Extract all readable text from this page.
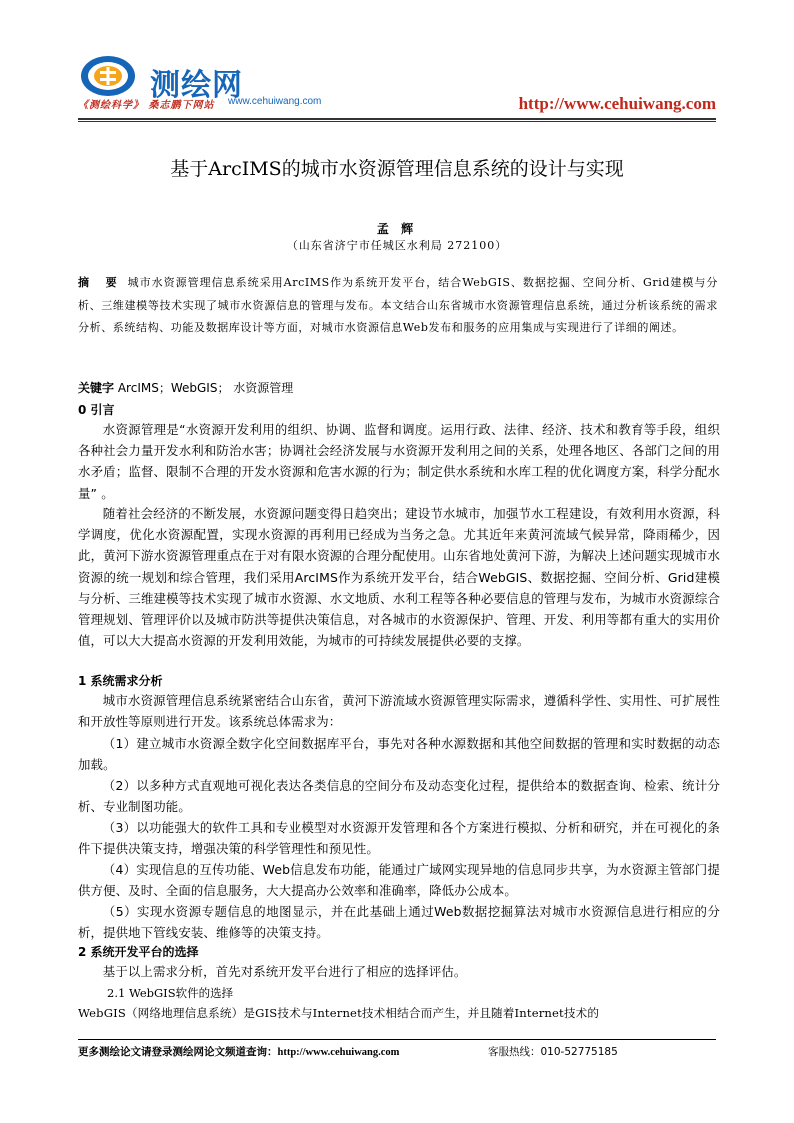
测绘网
www.cehuiwang.com
《测绘科学》 桑志鹏下网站	http://www.cehuiwang.com
基于ArcIMS的城市水资源管理信息系统的设计与实现
孟 辉
（山东省济宁市任城区水利局 272100）
摘 要 城市水资源管理信息系统采用ArcIMS作为系统开发平台，结合WebGIS、数据挖掘、空间分析、Grid建模与分析、三维建模等技术实现了城市水资源信息的管理与发布。本文结合山东省城市水资源管理信息系统，通过分析该系统的需求分析、系统结构、功能及数据库设计等方面，对城市水资源信息Web发布和服务的应用集成与实现进行了详细的阐述。
关键字 ArcIMS；WebGIS； 水资源管理
0 引言
水资源管理是“水资源开发利用的组织、协调、监督和调度。运用行政、法律、经济、技术和教育等手段，组织各种社会力量开发水利和防治水害；协调社会经济发展与水资源开发利用之间的关系，处理各地区、各部门之间的用水矛盾；监督、限制不合理的开发水资源和危害水源的行为；制定供水系统和水库工程的优化调度方案，科学分配水量” 。
随着社会经济的不断发展，水资源问题变得日趋突出；建设节水城市，加强节水工程建设，有效利用水资源，科学调度，优化水资源配置，实现水资源的再利用已经成为当务之急。尤其近年来黄河流域气候异常，降雨稀少，因此，黄河下游水资源管理重点在于对有限水资源的合理分配使用。山东省地处黄河下游，为解决上述问题实现城市水资源的统一规划和综合管理，我们采用ArcIMS作为系统开发平台，结合WebGIS、数据挖掘、空间分析、Grid建模与分析、三维建模等技术实现了城市水资源、水文地质、水利工程等各种必要信息的管理与发布，为城市水资源综合管理规划、管理评价以及城市防洪等提供决策信息，对各城市的水资源保护、管理、开发、利用等都有重大的实用价值，可以大大提高水资源的开发利用效能，为城市的可持续发展提供必要的支撑。
1 系统需求分析
城市水资源管理信息系统紧密结合山东省，黄河下游流域水资源管理实际需求，遵循科学性、实用性、可扩展性和开放性等原则进行开发。该系统总体需求为：
（1）建立城市水资源全数字化空间数据库平台，事先对各种水源数据和其他空间数据的管理和实时数据的动态加载。
（2）以多种方式直观地可视化表达各类信息的空间分布及动态变化过程，提供给本的数据查询、检索、统计分析、专业制图功能。
（3）以功能强大的软件工具和专业模型对水资源开发管理和各个方案进行模拟、分析和研究，并在可视化的条件下提供决策支持，增强决策的科学管理性和预见性。
（4）实现信息的互传功能、Web信息发布功能，能通过广域网实现异地的信息同步共享，为水资源主管部门提供方便、及时、全面的信息服务，大大提高办公效率和准确率，降低办公成本。
（5）实现水资源专题信息的地图显示，并在此基础上通过Web数据挖掘算法对城市水资源信息进行相应的分析，提供地下管线安装、维修等的决策支持。
2 系统开发平台的选择
基于以上需求分析，首先对系统开发平台进行了相应的选择评估。
2.1 WebGIS软件的选择
WebGIS（网络地理信息系统）是GIS技术与Internet技术相结合而产生，并且随着Internet技术的
更多测绘论文请登录测绘网论文频道查询：http://www.cehuiwang.com	客服热线：010-52775185
